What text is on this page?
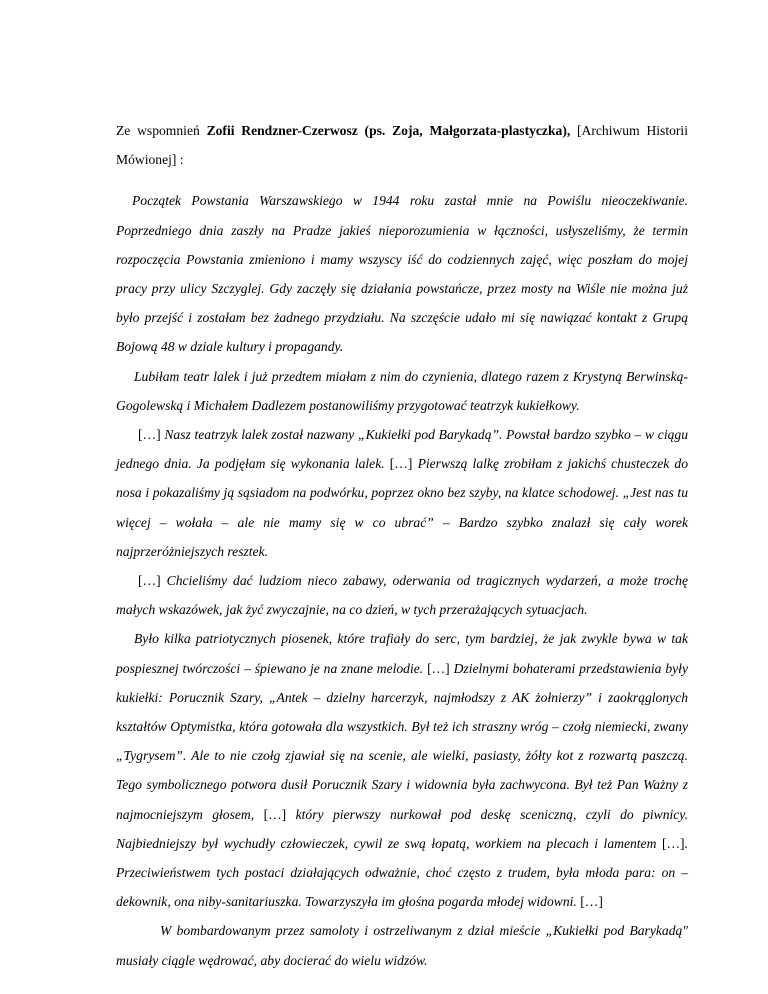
Ze wspomnień Zofii Rendzner-Czerwosz (ps. Zoja, Małgorzata-plastyczka), [Archiwum Historii Mówionej] :

Początek Powstania Warszawskiego w 1944 roku zastał mnie na Powiślu nieoczekiwanie. Poprzedniego dnia zaszły na Pradze jakieś nieporozumienia w łączności, usłyszeliśmy, że termin rozpoczęcia Powstania zmieniono i mamy wszyscy iść do codziennych zajęć, więc poszłam do mojej pracy przy ulicy Szczyglej. Gdy zaczęły się działania powstańcze, przez mosty na Wiśle nie można już było przejść i zostałam bez żadnego przydziału. Na szczęście udało mi się nawiązać kontakt z Grupą Bojową 48 w dziale kultury i propagandy.

Lubiłam teatr lalek i już przedtem miałam z nim do czynienia, dlatego razem z Krystyną Berwinską-Gogolewską i Michałem Dadlezem postanowiliśmy przygotować teatrzyk kukiełkowy.

[…] Nasz teatrzyk lalek został nazwany „Kukiełki pod Barykadą”. Powstał bardzo szybko – w ciągu jednego dnia. Ja podjęłam się wykonania lalek. […] Pierwszą lalkę zrobiłam z jakichś chusteczek do nosa i pokazaliśmy ją sąsiadom na podwórku, poprzez okno bez szyby, na klatce schodowej. „Jest nas tu więcej – wołała – ale nie mamy się w co ubrać” – Bardzo szybko znalazł się cały worek najprzeróżniejszych resztek.

[…] Chcieliśmy dać ludziom nieco zabawy, oderwania od tragicznych wydarzeń, a może trochę małych wskazówek, jak żyć zwyczajnie, na co dzień, w tych przerażających sytuacjach.

Było kilka patriotycznych piosenek, które trafiały do serc, tym bardziej, że jak zwykle bywa w tak pospiesznej twórczości – śpiewano je na znane melodie. […] Dzielnymi bohaterami przedstawienia były kukiełki: Porucznik Szary, „Antek – dzielny harcerzyk, najmłodszy z AK żołnierzy” i zaokrąglonych kształtów Optymistka, która gotowała dla wszystkich. Był też ich straszny wróg – czołg niemiecki, zwany „Tygrysem”. Ale to nie czołg zjawiał się na scenie, ale wielki, pasiasty, żółty kot z rozwartą paszczą. Tego symbolicznego potwora dusił Porucznik Szary i widownia była zachwycona. Był też Pan Ważny z najmocniejszym głosem, […] który pierwszy nurkował pod deskę sceniczną, czyli do piwnicy. Najbiedniejszy był wychudły człowieczek, cywil ze swą łopatą, workiem na plecach i lamentem […]. Przeciwieństwem tych postaci działających odważnie, choć często z trudem, była młoda para: on – dekownik, ona niby-sanitariuszka. Towarzyszyła im głośna pogarda młodej widowni. […]

W bombardowanym przez samoloty i ostrzeliwanym z dział mieście „Kukiełki pod Barykadą" musiały ciągle wędrować, aby docierać do wielu widzów.
